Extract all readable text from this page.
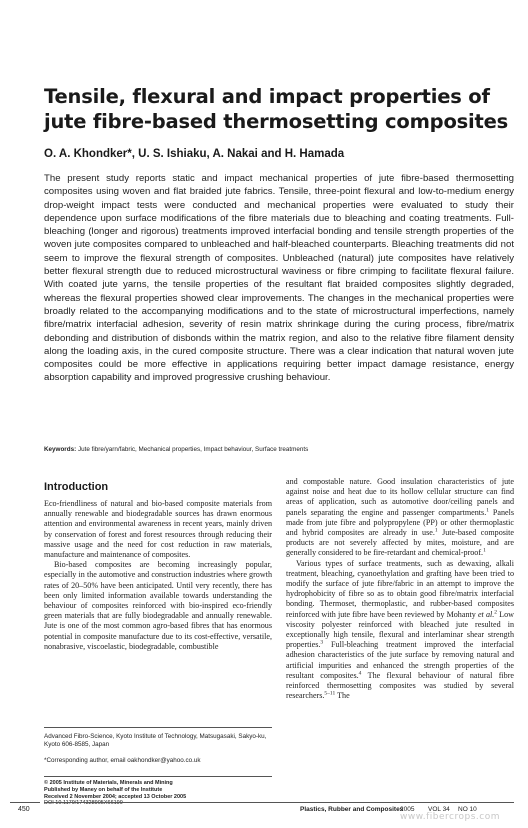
Tensile, flexural and impact properties of jute fibre-based thermosetting composites
O. A. Khondker*, U. S. Ishiaku, A. Nakai and H. Hamada

The present study reports static and impact mechanical properties of jute fibre-based thermosetting composites using woven and flat braided jute fabrics. Tensile, three-point flexural and low-to-medium energy drop-weight impact tests were conducted and mechanical properties were evaluated to study their dependence upon surface modifications of the fibre materials due to bleaching and coating treatments. Full-bleaching (longer and rigorous) treatments improved interfacial bonding and tensile strength properties of the woven jute composites compared to unbleached and half-bleached counterparts. Bleaching treatments did not seem to improve the flexural strength of composites. Unbleached (natural) jute composites have relatively better flexural strength due to reduced microstructural waviness or fibre crimping to facilitate flexural failure. With coated jute yarns, the tensile properties of the resultant flat braided composites slightly degraded, whereas the flexural properties showed clear improvements. The changes in the mechanical properties were broadly related to the accompanying modifications and to the state of microstructural imperfections, namely fibre/matrix interfacial adhesion, severity of resin matrix shrinkage during the curing process, fibre/matrix debonding and distribution of disbonds within the matrix region, and also to the relative fibre filament density along the loading axis, in the cured composite structure. There was a clear indication that natural woven jute composites could be more effective in applications requiring better impact damage resistance, energy absorption capability and improved progressive crushing behaviour.

Keywords: Jute fibre/yarn/fabric, Mechanical properties, Impact behaviour, Surface treatments
Introduction

Eco-friendliness of natural and bio-based composite materials from annually renewable and biodegradable sources has drawn enormous attention and environmental awareness in recent years, mainly driven by conservation of forest and forest resources through reducing their massive usage and the need for cost reduction in raw materials, manufacture and maintenance of composites.

Bio-based composites are becoming increasingly popular, especially in the automotive and construction industries where growth rates of 20–50% have been anticipated. Until very recently, there has been only limited information available towards understanding the behaviour of composites reinforced with bio-inspired eco-friendly green materials that are fully biodegradable and annually renewable. Jute is one of the most common agro-based fibres that has enormous potential in composite manufacture due to its cost-effective, versatile, nonabrasive, viscoelastic, biodegradable, combustible

and compostable nature. Good insulation characteristics of jute against noise and heat due to its hollow cellular structure can find areas of application, such as automotive door/ceiling panels and panels separating the engine and passenger compartments.$^1$ Panels made from jute fibre and polypropylene (PP) or other thermoplastic and hybrid composites are already in use.$^1$ Jute-based composite products are not severely affected by mites, moisture, and are generally considered to be fire-retardant and chemical-proof.$^1$

Various types of surface treatments, such as dewaxing, alkali treatment, bleaching, cyanoethylation and grafting have been tried to modify the surface of jute fibre/fabric in an attempt to improve the hydrophobicity of fibre so as to obtain good fibre/matrix interfacial bonding. Thermoset, thermoplastic, and rubber-based composites reinforced with jute fibre have been reviewed by Mohanty et al.$^2$ Low viscosity polyester reinforced with bleached jute resulted in exceptionally high tensile, flexural and interlaminar shear strength properties.$^3$ Full-bleaching treatment improved the interfacial adhesion characteristics of the jute surface by removing natural and artificial impurities and enhanced the strength properties of the resultant composites.$^4$ The flexural behaviour of natural fibre reinforced thermosetting composites was studied by several researchers.$^{5-11}$ The

Advanced Fibro-Science, Kyoto Institute of Technology, Matsugasaki, Sakyo-ku, Kyoto 606-8585, Japan
*Corresponding author, email oakhondker@yahoo.co.uk
© 2005 Institute of Materials, Minerals and Mining
Published by Maney on behalf of the Institute
Received 2 November 2004; accepted 13 October 2005
DOI 10.1179/174328905X66199
450	Plastics, Rubber and Composites
2005 VOL 34 NO 10
www.fibercrops.com
